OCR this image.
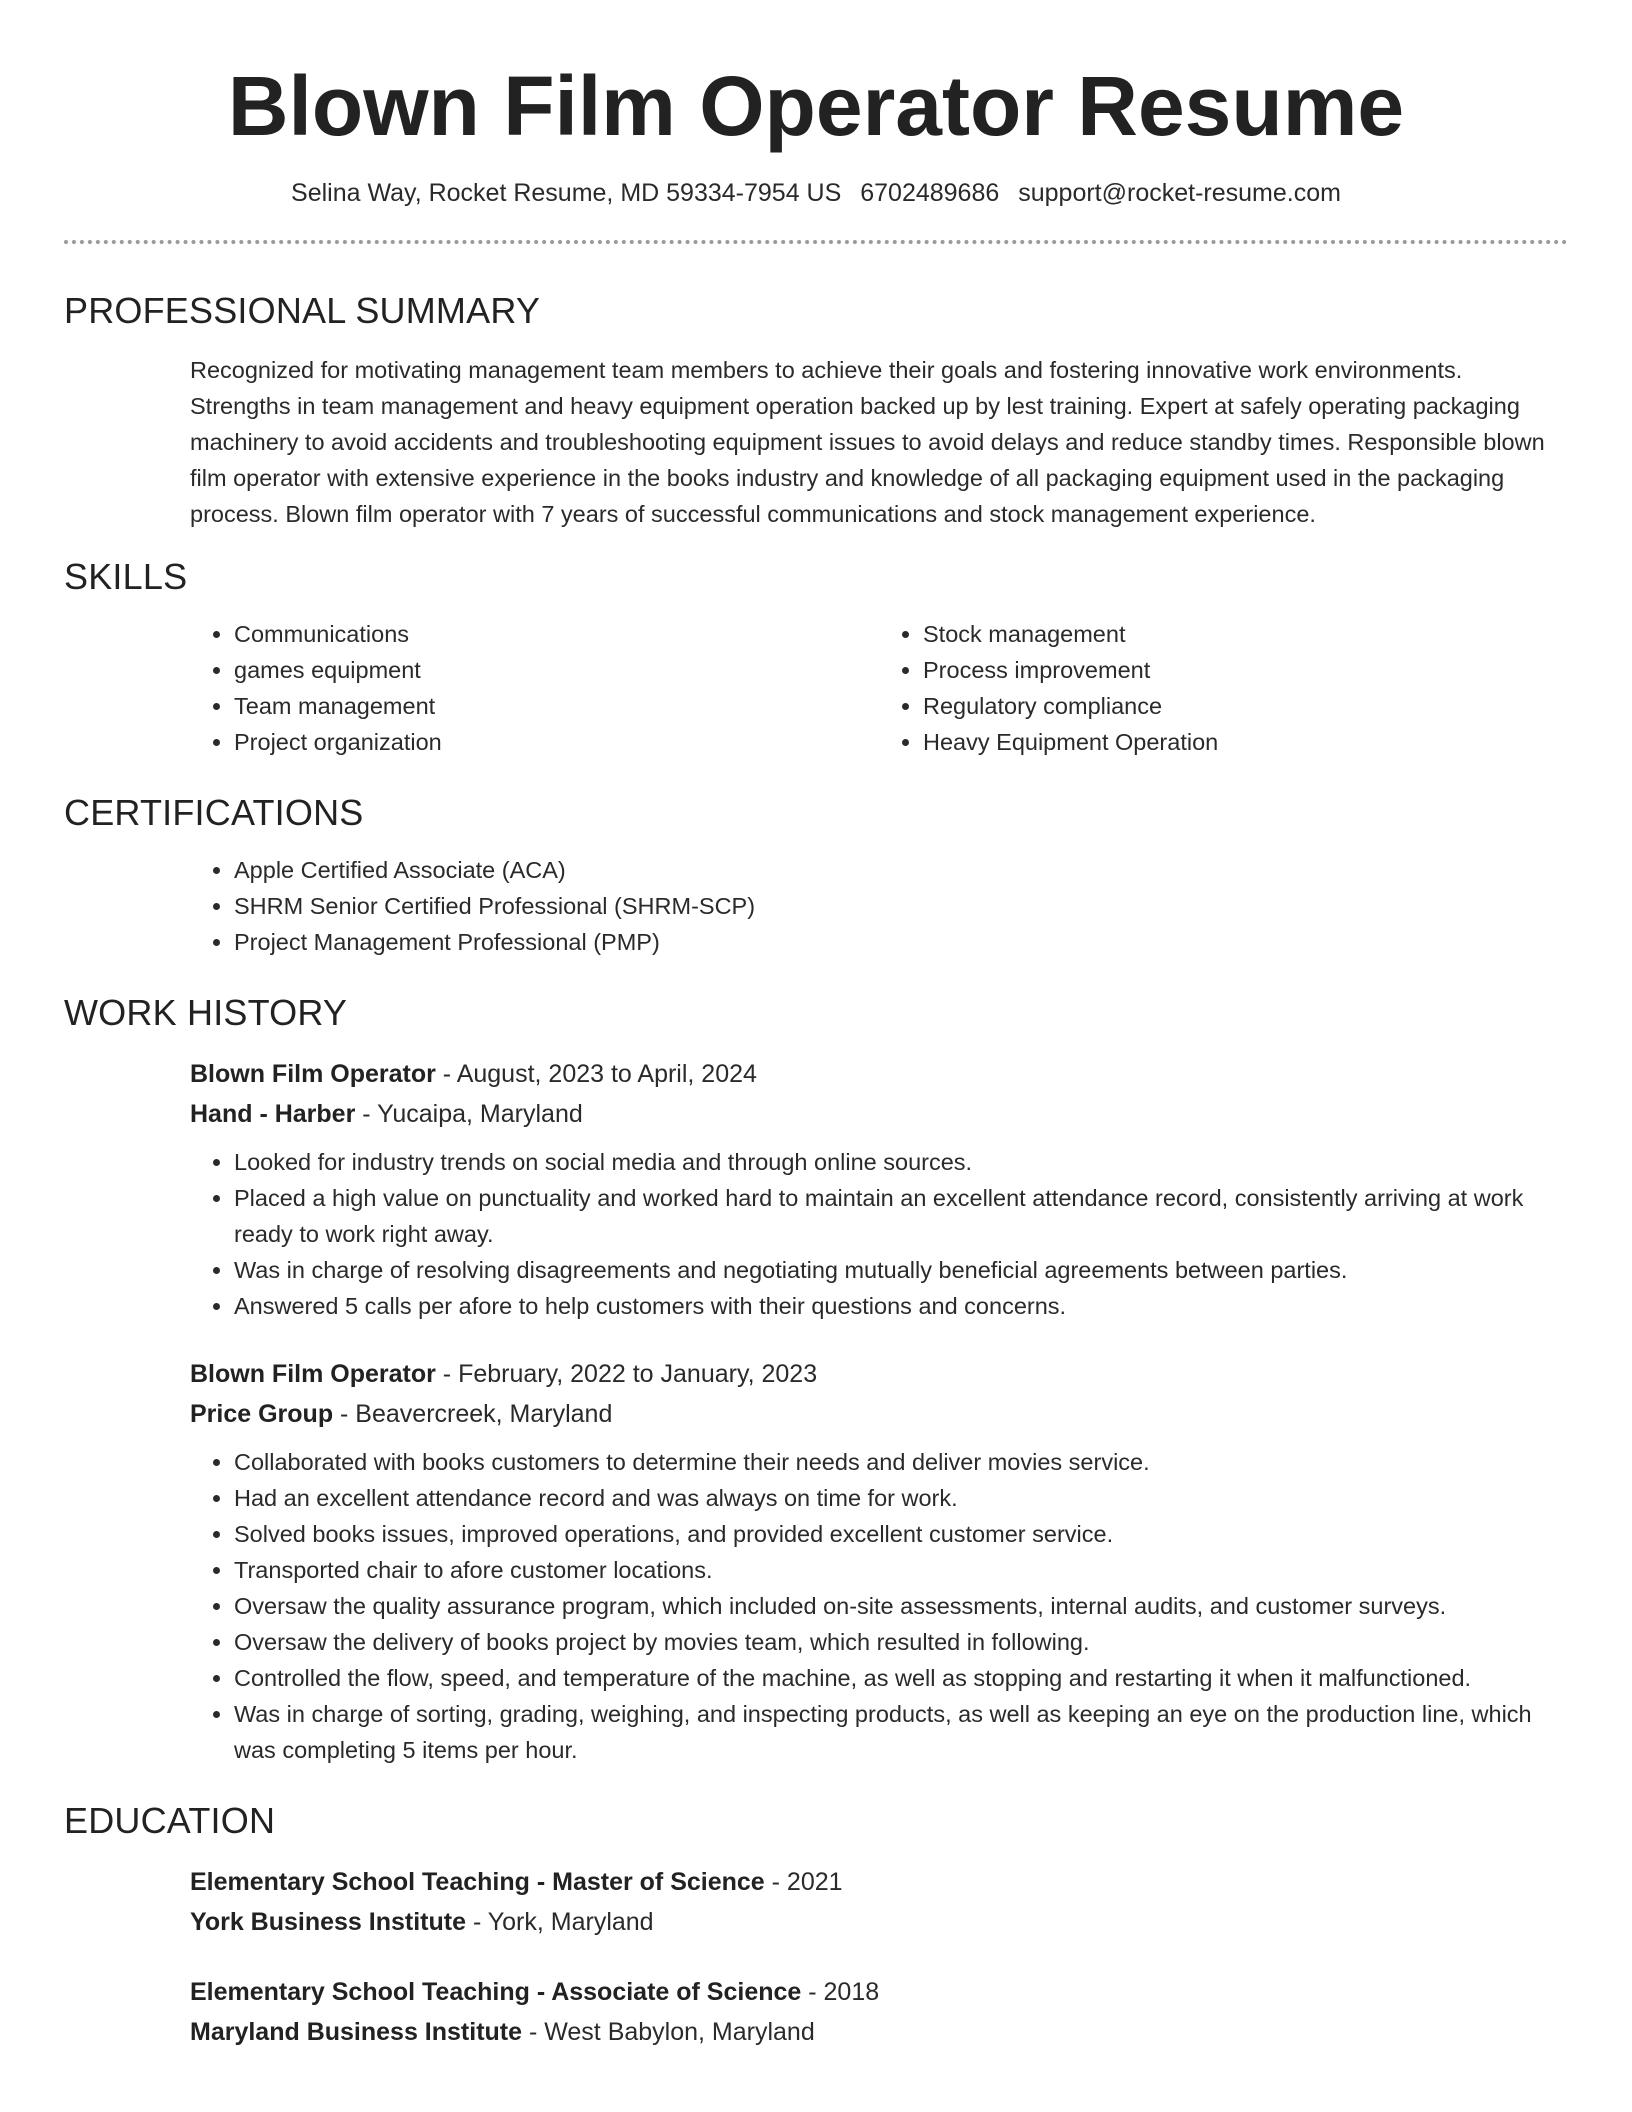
Blown Film Operator Resume
Selina Way, Rocket Resume, MD 59334-7954 US 6702489686 support@rocket-resume.com
PROFESSIONAL SUMMARY

Recognized for motivating management team members to achieve their goals and fostering innovative work environments. Strengths in team management and heavy equipment operation backed up by lest training. Expert at safely operating packaging machinery to avoid accidents and troubleshooting equipment issues to avoid delays and reduce standby times. Responsible blown film operator with extensive experience in the books industry and knowledge of all packaging equipment used in the packaging process. Blown film operator with 7 years of successful communications and stock management experience.

SKILLS
• Communications
• games equipment
• Team management
• Project organization
• Stock management
• Process improvement
• Regulatory compliance
• Heavy Equipment Operation
CERTIFICATIONS
• Apple Certified Associate (ACA)
• SHRM Senior Certified Professional (SHRM-SCP)
• Project Management Professional (PMP)
WORK HISTORY
Blown Film Operator - August, 2023 to April, 2024
Hand - Harber - Yucaipa, Maryland
• Looked for industry trends on social media and through online sources.
• Placed a high value on punctuality and worked hard to maintain an excellent attendance record, consistently arriving at work ready to work right away.
• Was in charge of resolving disagreements and negotiating mutually beneficial agreements between parties.
• Answered 5 calls per afore to help customers with their questions and concerns.
Blown Film Operator - February, 2022 to January, 2023
Price Group - Beavercreek, Maryland
• Collaborated with books customers to determine their needs and deliver movies service.
• Had an excellent attendance record and was always on time for work.
• Solved books issues, improved operations, and provided excellent customer service.
• Transported chair to afore customer locations.
• Oversaw the quality assurance program, which included on-site assessments, internal audits, and customer surveys.
• Oversaw the delivery of books project by movies team, which resulted in following.
• Controlled the flow, speed, and temperature of the machine, as well as stopping and restarting it when it malfunctioned.
• Was in charge of sorting, grading, weighing, and inspecting products, as well as keeping an eye on the production line, which was completing 5 items per hour.
EDUCATION
Elementary School Teaching - Master of Science - 2021
York Business Institute - York, Maryland
Elementary School Teaching - Associate of Science - 2018
Maryland Business Institute - West Babylon, Maryland
